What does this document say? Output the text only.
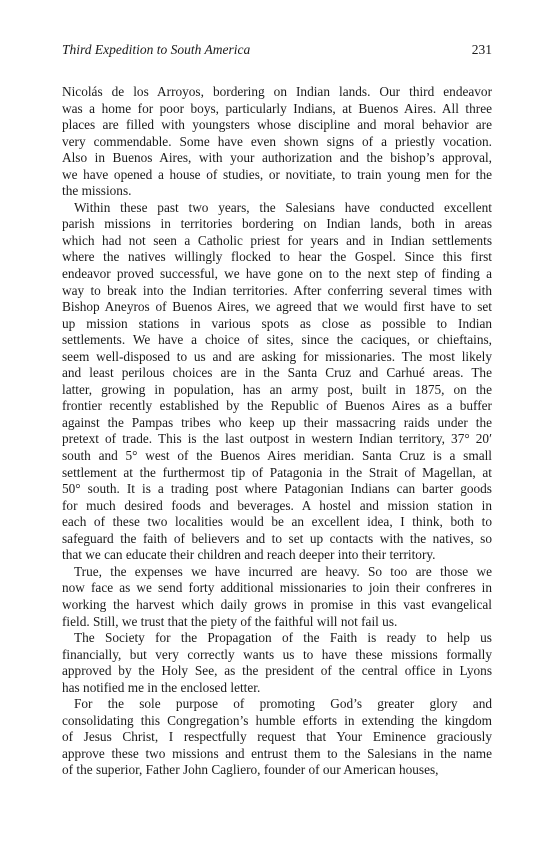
Third Expedition to South America	231
Nicolás de los Arroyos, bordering on Indian lands. Our third endeavor
was a home for poor boys, particularly Indians, at Buenos Aires. All three
places are filled with youngsters whose discipline and moral behavior are
very commendable. Some have even shown signs of a priestly vocation.
Also in Buenos Aires, with your authorization and the bishop’s approval,
we have opened a house of studies, or novitiate, to train young men for the
the missions.
Within these past two years, the Salesians have conducted excellent
parish missions in territories bordering on Indian lands, both in areas
which had not seen a Catholic priest for years and in Indian settlements
where the natives willingly flocked to hear the Gospel. Since this first
endeavor proved successful, we have gone on to the next step of finding a
way to break into the Indian territories. After conferring several times with
Bishop Aneyros of Buenos Aires, we agreed that we would first have to set
up mission stations in various spots as close as possible to Indian
settlements. We have a choice of sites, since the caciques, or chieftains,
seem well-disposed to us and are asking for missionaries. The most likely
and least perilous choices are in the Santa Cruz and Carhué areas. The
latter, growing in population, has an army post, built in 1875, on the
frontier recently established by the Republic of Buenos Aires as a buffer
against the Pampas tribes who keep up their massacring raids under the
pretext of trade. This is the last outpost in western Indian territory, 37° 20′
south and 5° west of the Buenos Aires meridian. Santa Cruz is a small
settlement at the furthermost tip of Patagonia in the Strait of Magellan, at
50° south. It is a trading post where Patagonian Indians can barter goods
for much desired foods and beverages. A hostel and mission station in
each of these two localities would be an excellent idea, I think, both to
safeguard the faith of believers and to set up contacts with the natives, so
that we can educate their children and reach deeper into their territory.
True, the expenses we have incurred are heavy. So too are those we
now face as we send forty additional missionaries to join their confreres in
working the harvest which daily grows in promise in this vast evangelical
field. Still, we trust that the piety of the faithful will not fail us.
The Society for the Propagation of the Faith is ready to help us
financially, but very correctly wants us to have these missions formally
approved by the Holy See, as the president of the central office in Lyons
has notified me in the enclosed letter.
For the sole purpose of promoting God’s greater glory and
consolidating this Congregation’s humble efforts in extending the kingdom
of Jesus Christ, I respectfully request that Your Eminence graciously
approve these two missions and entrust them to the Salesians in the name
of the superior, Father John Cagliero, founder of our American houses,
